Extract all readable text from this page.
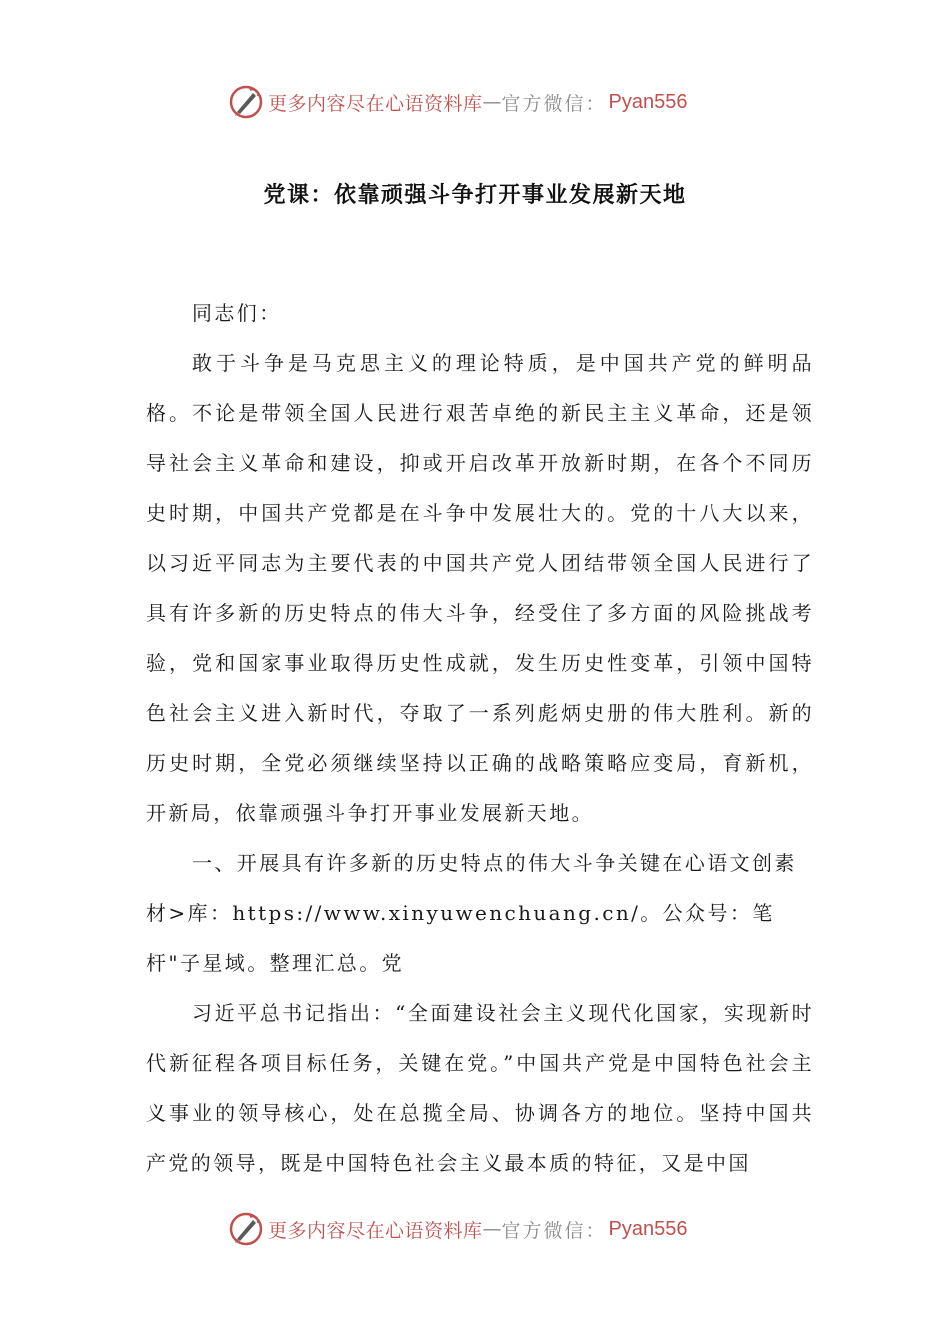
更多内容尽在心语资料库 — 官方微信： Pyan556
党课：依靠顽强斗争打开事业发展新天地

同志们：

敢于斗争是马克思主义的理论特质，是中国共产党的鲜明品格。不论是带领全国人民进行艰苦卓绝的新民主主义革命，还是领导社会主义革命和建设，抑或开启改革开放新时期，在各个不同历史时期，中国共产党都是在斗争中发展壮大的。党的十八大以来，以习近平同志为主要代表的中国共产党人团结带领全国人民进行了具有许多新的历史特点的伟大斗争，经受住了多方面的风险挑战考验，党和国家事业取得历史性成就，发生历史性变革，引领中国特色社会主义进入新时代，夺取了一系列彪炳史册的伟大胜利。新的历史时期，全党必须继续坚持以正确的战略策略应变局，育新机，开新局，依靠顽强斗争打开事业发展新天地。

一、开展具有许多新的历史特点的伟大斗争关键在心语文创素材>库：https://www.xinyuwenchuang.cn/。公众号：笔杆"子星域。整理汇总。党

习近平总书记指出：“全面建设社会主义现代化国家，实现新时代新征程各项目标任务，关键在党。”中国共产党是中国特色社会主义事业的领导核心，处在总揽全局、协调各方的地位。坚持中国共产党的领导，既是中国特色社会主义最本质的特征，又是中国

更多内容尽在心语资料库 — 官方微信： Pyan556
